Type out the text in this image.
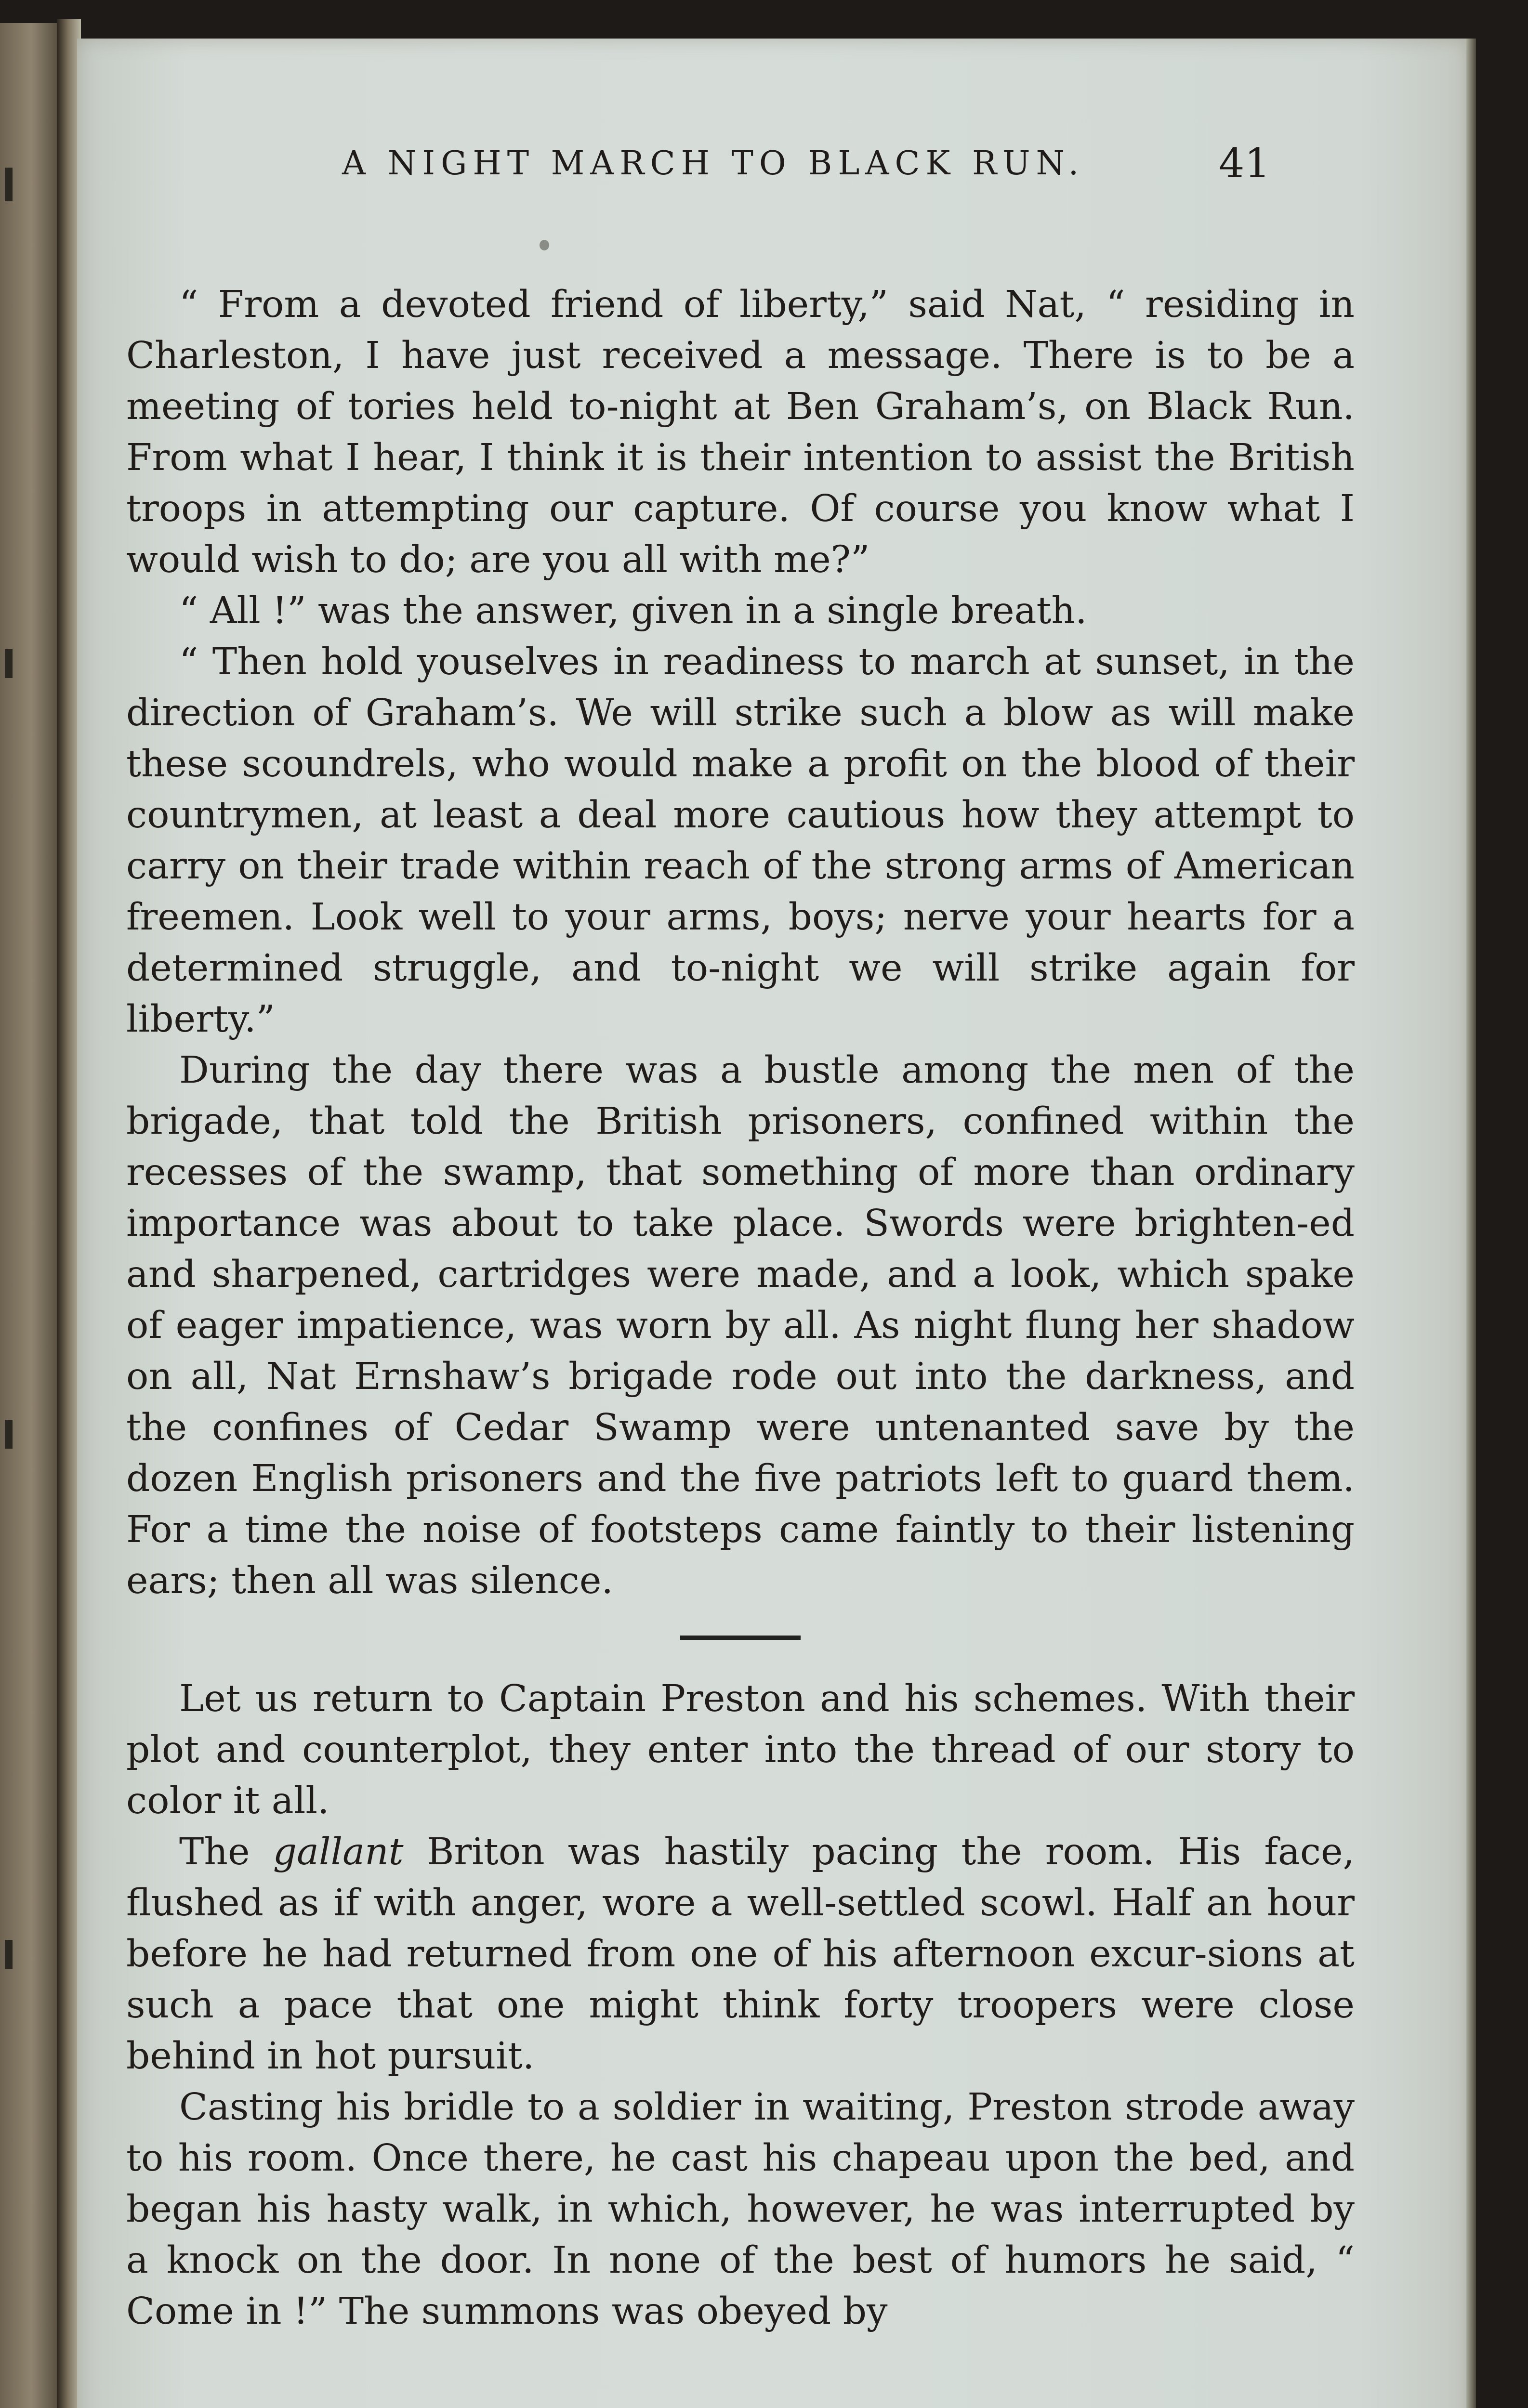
A NIGHT MARCH TO BLACK RUN.	41

“ From a devoted friend of liberty,” said Nat, “ residing in Charleston, I have just received a message. There is to be a meeting of tories held to-night at Ben Graham’s, on Black Run. From what I hear, I think it is their intention to assist the British troops in attempting our capture. Of course you know what I would wish to do; are you all with me?”

“ All !” was the answer, given in a single breath.

“ Then hold youselves in readiness to march at sunset, in the direction of Graham’s. We will strike such a blow as will make these scoundrels, who would make a profit on the blood of their countrymen, at least a deal more cautious how they attempt to carry on their trade within reach of the strong arms of American freemen. Look well to your arms, boys; nerve your hearts for a determined struggle, and to-night we will strike again for liberty.”

During the day there was a bustle among the men of the brigade, that told the British prisoners, confined within the recesses of the swamp, that something of more than ordinary importance was about to take place. Swords were brighten-ed and sharpened, cartridges were made, and a look, which spake of eager impatience, was worn by all. As night flung her shadow on all, Nat Ernshaw’s brigade rode out into the darkness, and the confines of Cedar Swamp were untenanted save by the dozen English prisoners and the five patriots left to guard them. For a time the noise of footsteps came faintly to their listening ears; then all was silence.

Let us return to Captain Preston and his schemes. With their plot and counterplot, they enter into the thread of our story to color it all.

The gallant Briton was hastily pacing the room. His face, flushed as if with anger, wore a well-settled scowl. Half an hour before he had returned from one of his afternoon excur-sions at such a pace that one might think forty troopers were close behind in hot pursuit.

Casting his bridle to a soldier in waiting, Preston strode away to his room. Once there, he cast his chapeau upon the bed, and began his hasty walk, in which, however, he was interrupted by a knock on the door. In none of the best of humors he said, “ Come in !” The summons was obeyed by
